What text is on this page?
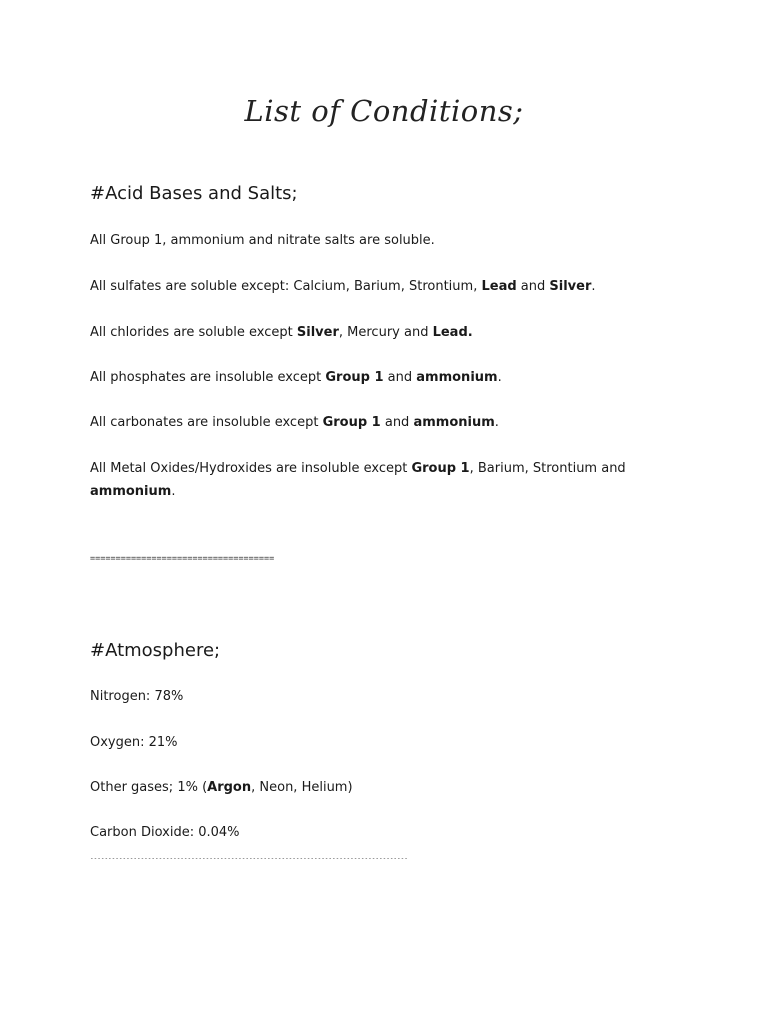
List of Conditions;
#Acid Bases and Salts;
All Group 1, ammonium and nitrate salts are soluble.
All sulfates are soluble except: Calcium, Barium, Strontium, Lead and Silver.
All chlorides are soluble except Silver, Mercury and Lead.
All phosphates are insoluble except Group 1 and ammonium.
All carbonates are insoluble except Group 1 and ammonium.
All Metal Oxides/Hydroxides are insoluble except Group 1, Barium, Strontium and ammonium.
====================================
#Atmosphere;
Nitrogen: 78%
Oxygen: 21%
Other gases; 1% (Argon, Neon, Helium)
Carbon Dioxide: 0.04%
----------------------------------------------------------------------------------------
